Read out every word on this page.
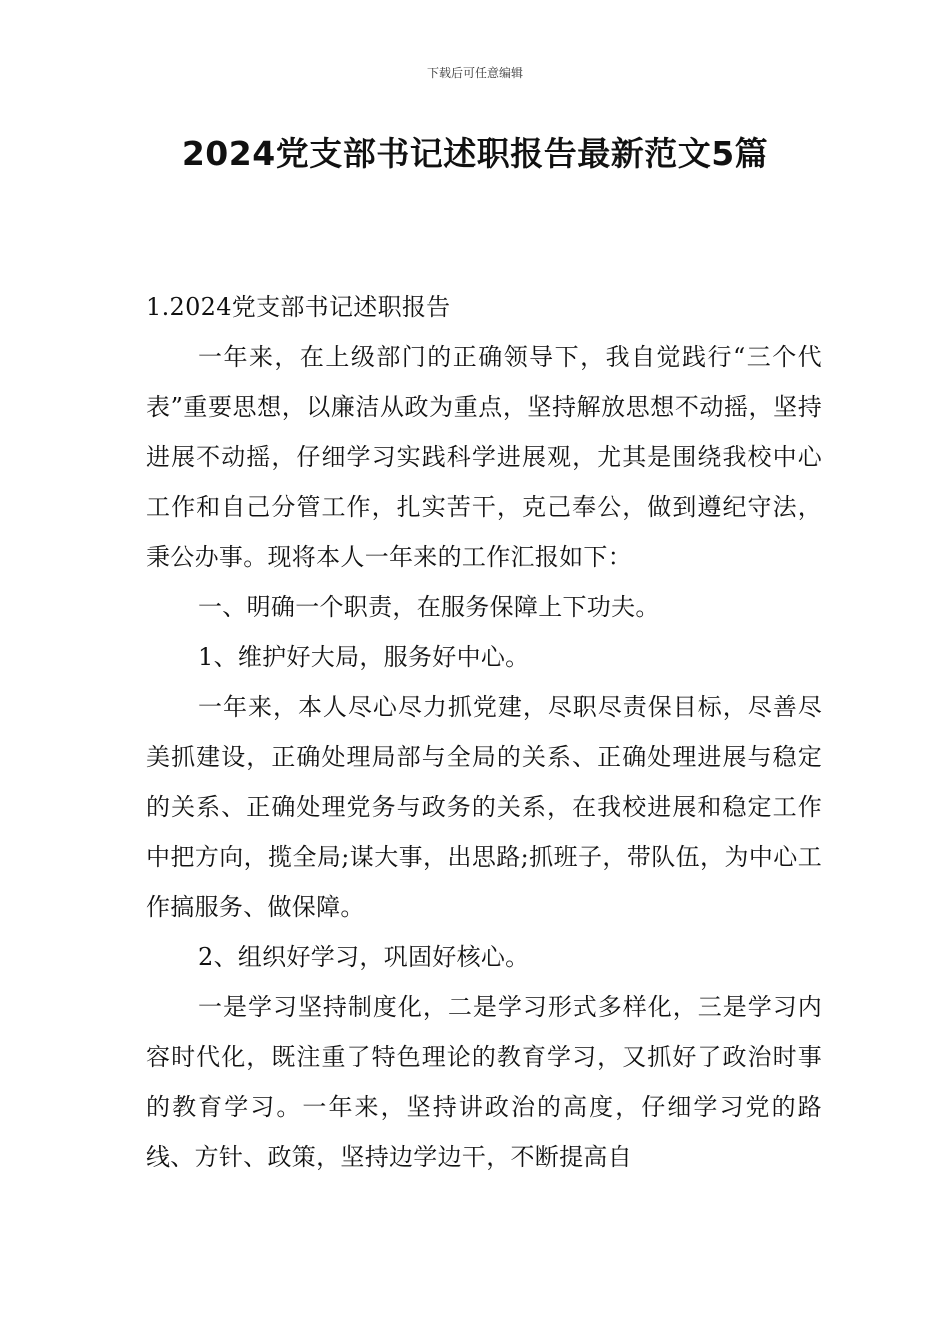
下载后可任意编辑
2024党支部书记述职报告最新范文5篇

1.2024党支部书记述职报告

一年来，在上级部门的正确领导下，我自觉践行“三个代表”重要思想，以廉洁从政为重点，坚持解放思想不动摇，坚持进展不动摇，仔细学习实践科学进展观，尤其是围绕我校中心工作和自己分管工作，扎实苦干，克己奉公，做到遵纪守法，秉公办事。现将本人一年来的工作汇报如下：

一、明确一个职责，在服务保障上下功夫。

1、维护好大局，服务好中心。

一年来，本人尽心尽力抓党建，尽职尽责保目标，尽善尽美抓建设，正确处理局部与全局的关系、正确处理进展与稳定的关系、正确处理党务与政务的关系，在我校进展和稳定工作中把方向，揽全局;谋大事，出思路;抓班子，带队伍，为中心工作搞服务、做保障。

2、组织好学习，巩固好核心。

一是学习坚持制度化，二是学习形式多样化，三是学习内容时代化，既注重了特色理论的教育学习，又抓好了政治时事的教育学习。一年来，坚持讲政治的高度，仔细学习党的路线、方针、政策，坚持边学边干，不断提高自
